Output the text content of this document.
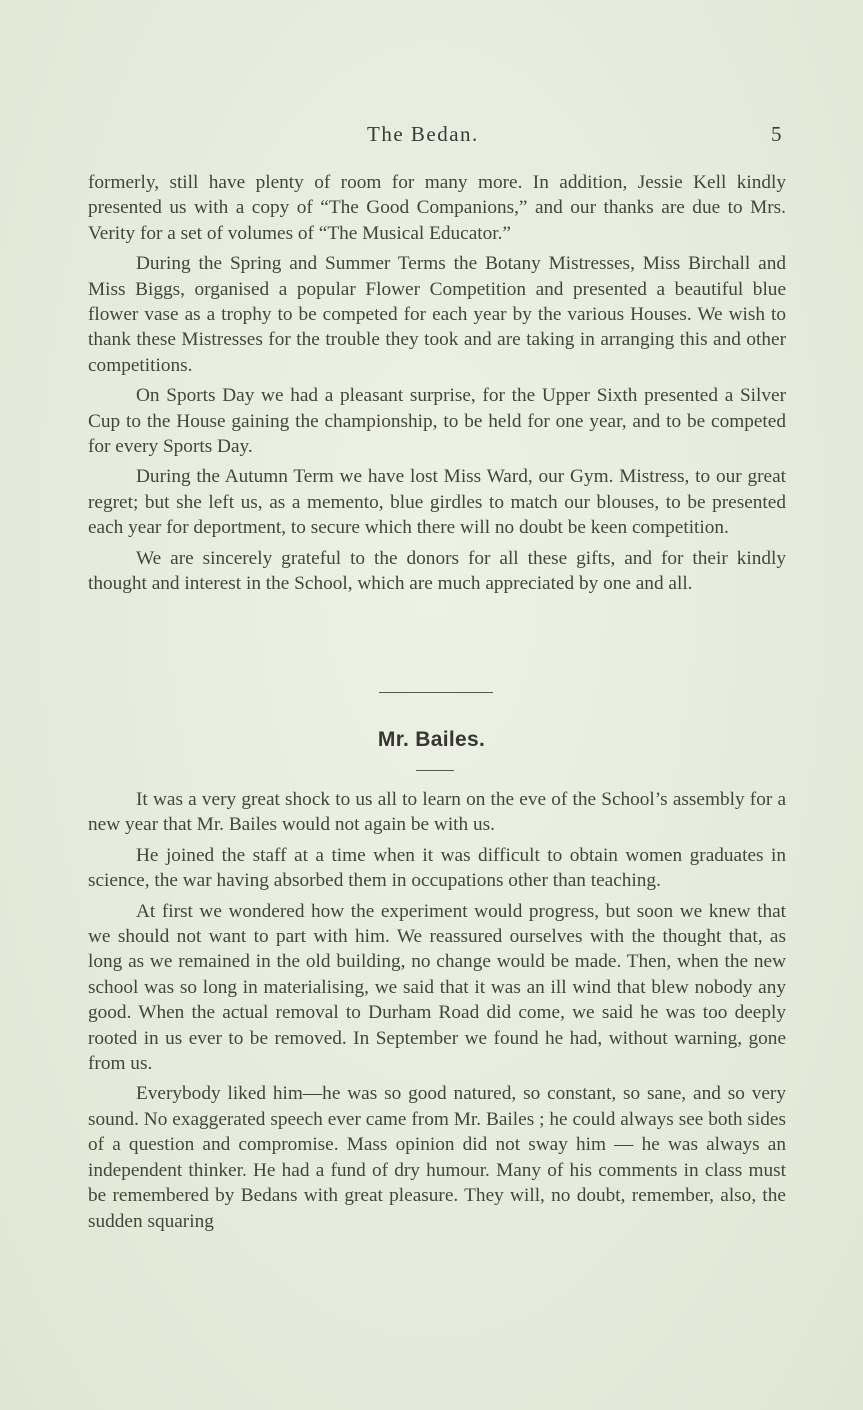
The Bedan.	5

formerly, still have plenty of room for many more. In addition, Jessie Kell kindly presented us with a copy of “The Good Companions,” and our thanks are due to Mrs. Verity for a set of volumes of “The Musical Educator.”

During the Spring and Summer Terms the Botany Mistresses, Miss Birchall and Miss Biggs, organised a popular Flower Competition and presented a beautiful blue flower vase as a trophy to be competed for each year by the various Houses. We wish to thank these Mistresses for the trouble they took and are taking in arranging this and other competitions.

On Sports Day we had a pleasant surprise, for the Upper Sixth presented a Silver Cup to the House gaining the championship, to be held for one year, and to be competed for every Sports Day.

During the Autumn Term we have lost Miss Ward, our Gym. Mistress, to our great regret; but she left us, as a memento, blue girdles to match our blouses, to be presented each year for deportment, to secure which there will no doubt be keen competition.

We are sincerely grateful to the donors for all these gifts, and for their kindly thought and interest in the School, which are much appreciated by one and all.

Mr. Bailes.

It was a very great shock to us all to learn on the eve of the School’s assembly for a new year that Mr. Bailes would not again be with us.

He joined the staff at a time when it was difficult to obtain women graduates in science, the war having absorbed them in occupations other than teaching.

At first we wondered how the experiment would progress, but soon we knew that we should not want to part with him. We reassured ourselves with the thought that, as long as we remained in the old building, no change would be made. Then, when the new school was so long in materialising, we said that it was an ill wind that blew nobody any good. When the actual removal to Durham Road did come, we said he was too deeply rooted in us ever to be removed. In September we found he had, without warning, gone from us.

Everybody liked him—he was so good natured, so constant, so sane, and so very sound. No exaggerated speech ever came from Mr. Bailes ; he could always see both sides of a question and compromise. Mass opinion did not sway him — he was always an independent thinker. He had a fund of dry humour. Many of his comments in class must be remembered by Bedans with great pleasure. They will, no doubt, remember, also, the sudden squaring
